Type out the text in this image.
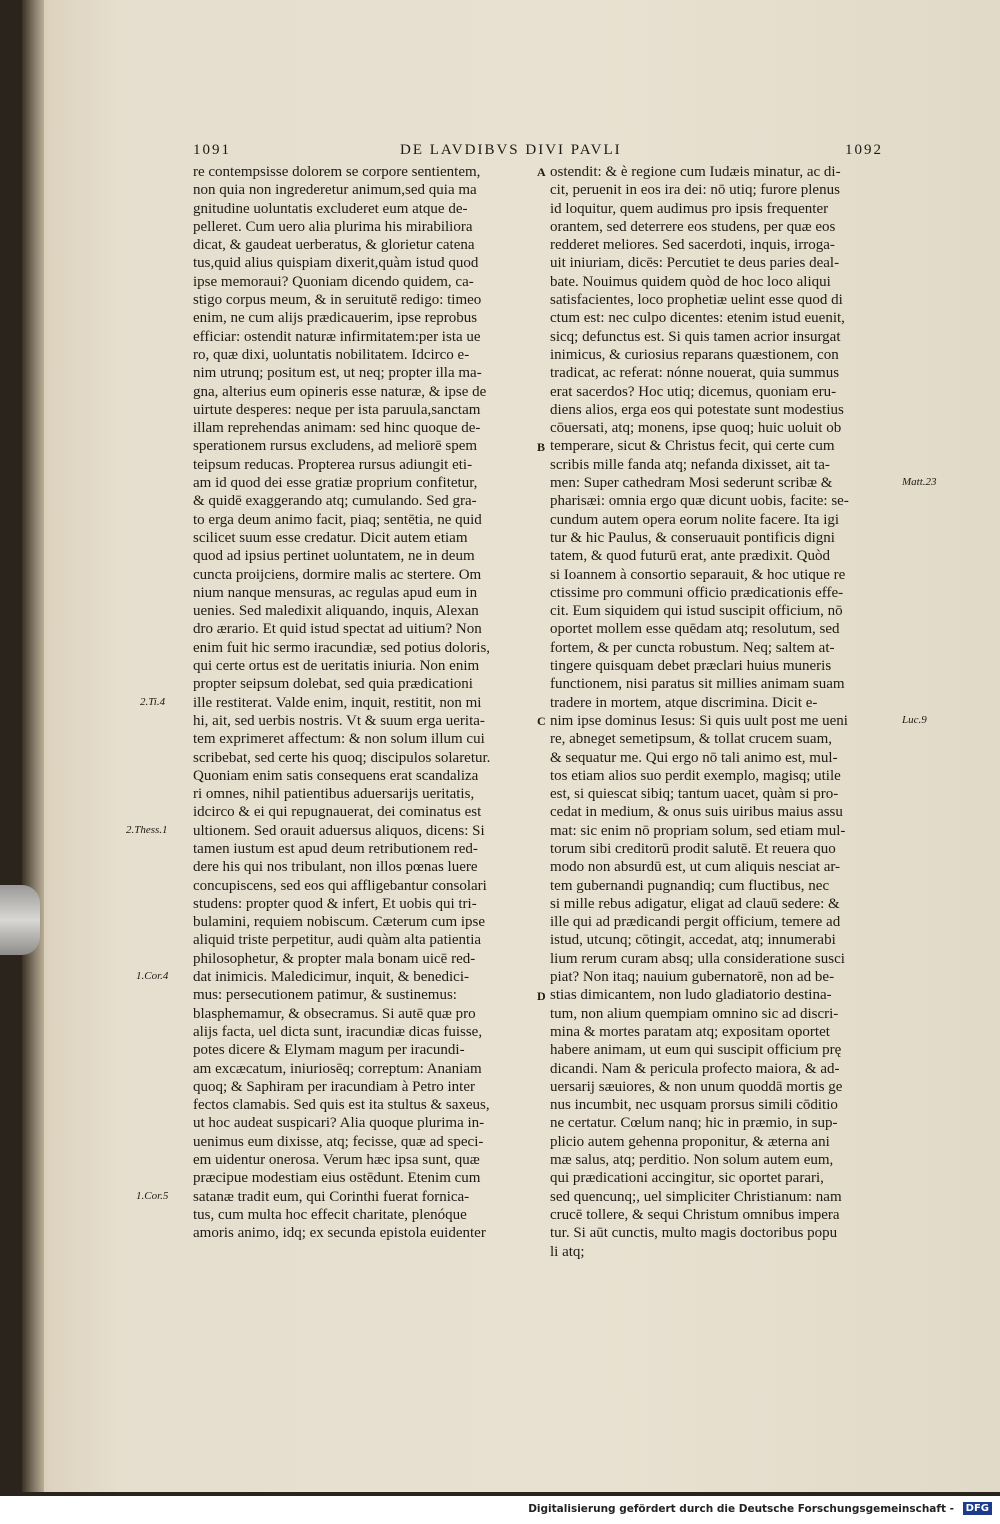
1091	DE LAVDIBVS DIVI PAVLI	1092
re contempsisse dolorem se corpore sentientem,
non quia non ingrederetur animum,sed quia ma
gnitudine uoluntatis excluderet eum atque de-
pelleret. Cum uero alia plurima his mirabiliora
dicat, & gaudeat uerberatus, & glorietur catena
tus,quid alius quispiam dixerit,quàm istud quod
ipse memoraui? Quoniam dicendo quidem, ca-
stigo corpus meum, & in seruitutē redigo: timeo
enim, ne cum alijs prædicauerim, ipse reprobus
efficiar: ostendit naturæ infirmitatem:per ista ue
ro, quæ dixi, uoluntatis nobilitatem. Idcirco e-
nim utrunq; positum est, ut neq; propter illa ma-
gna, alterius eum opineris esse naturæ, & ipse de
uirtute desperes: neque per ista paruula,sanctam
illam reprehendas animam: sed hinc quoque de-
sperationem rursus excludens, ad meliorē spem
teipsum reducas. Propterea rursus adiungit eti-
am id quod dei esse gratiæ proprium confitetur,
& quidē exaggerando atq; cumulando. Sed gra-
to erga deum animo facit, piaq; sentētia, ne quid
scilicet suum esse credatur. Dicit autem etiam
quod ad ipsius pertinet uoluntatem, ne in deum
cuncta proijciens, dormire malis ac stertere. Om
nium nanque mensuras, ac regulas apud eum in
uenies. Sed maledixit aliquando, inquis, Alexan
dro ærario. Et quid istud spectat ad uitium? Non
enim fuit hic sermo iracundiæ, sed potius doloris,
qui certe ortus est de ueritatis iniuria. Non enim
propter seipsum dolebat, sed quia prædicationi
ille restiterat. Valde enim, inquit, restitit, non mi
hi, ait, sed uerbis nostris. Vt & suum erga uerita-
tem exprimeret affectum: & non solum illum cui
scribebat, sed certe his quoq; discipulos solaretur.
Quoniam enim satis consequens erat scandaliza
ri omnes, nihil patientibus aduersarijs ueritatis,
idcirco & ei qui repugnauerat, dei cominatus est
ultionem. Sed orauit aduersus aliquos, dicens: Si
tamen iustum est apud deum retributionem red-
dere his qui nos tribulant, non illos pœnas luere
concupiscens, sed eos qui affligebantur consolari
studens: propter quod & infert, Et uobis qui tri-
bulamini, requiem nobiscum. Cæterum cum ipse
aliquid triste perpetitur, audi quàm alta patientia
philosophetur, & propter mala bonam uicē red-
dat inimicis. Maledicimur, inquit, & benedici-
mus: persecutionem patimur, & sustinemus:
blasphemamur, & obsecramus. Si autē quæ pro
alijs facta, uel dicta sunt, iracundiæ dicas fuisse,
potes dicere & Elymam magum per iracundi-
am excæcatum, iniuriosēq; correptum: Ananiam
quoq; & Saphiram per iracundiam à Petro inter
fectos clamabis. Sed quis est ita stultus & saxeus,
ut hoc audeat suspicari? Alia quoque plurima in-
uenimus eum dixisse, atq; fecisse, quæ ad speci-
em uidentur onerosa. Verum hæc ipsa sunt, quæ
præcipue modestiam eius ostēdunt. Etenim cum
satanæ tradit eum, qui Corinthi fuerat fornica-
tus, cum multa hoc effecit charitate, plenóque
amoris animo, idq; ex secunda epistola euidenter
ostendit: & è regione cum Iudæis minatur, ac di-
cit, peruenit in eos ira dei: nō utiq; furore plenus
id loquitur, quem audimus pro ipsis frequenter
orantem, sed deterrere eos studens, per quæ eos
redderet meliores. Sed sacerdoti, inquis, irroga-
uit iniuriam, dicēs: Percutiet te deus paries deal-
bate. Nouimus quidem quòd de hoc loco aliqui
satisfacientes, loco prophetiæ uelint esse quod di
ctum est: nec culpo dicentes: etenim istud euenit,
sicq; defunctus est. Si quis tamen acrior insurgat
inimicus, & curiosius reparans quæstionem, con
tradicat, ac referat: nónne nouerat, quia summus
erat sacerdos? Hoc utiq; dicemus, quoniam eru-
diens alios, erga eos qui potestate sunt modestius
cōuersati, atq; monens, ipse quoq; huic uoluit ob
temperare, sicut & Christus fecit, qui certe cum
scribis mille fanda atq; nefanda dixisset, ait ta-
men: Super cathedram Mosi sederunt scribæ &
pharisæi: omnia ergo quæ dicunt uobis, facite: se-
cundum autem opera eorum nolite facere. Ita igi
tur & hic Paulus, & conseruauit pontificis digni
tatem, & quod futurū erat, ante prædixit. Quòd
si Ioannem à consortio separauit, & hoc utique re
ctissime pro communi officio prædicationis effe-
cit. Eum siquidem qui istud suscipit officium, nō
oportet mollem esse quēdam atq; resolutum, sed
fortem, & per cuncta robustum. Neq; saltem at-
tingere quisquam debet præclari huius muneris
functionem, nisi paratus sit millies animam suam
tradere in mortem, atque discrimina. Dicit e-
nim ipse dominus Iesus: Si quis uult post me ueni
re, abneget semetipsum, & tollat crucem suam,
& sequatur me. Qui ergo nō tali animo est, mul-
tos etiam alios suo perdit exemplo, magisq; utile
est, si quiescat sibiq; tantum uacet, quàm si pro-
cedat in medium, & onus suis uiribus maius assu
mat: sic enim nō propriam solum, sed etiam mul-
torum sibi creditorū prodit salutē. Et reuera quo
modo non absurdū est, ut cum aliquis nesciat ar-
tem gubernandi pugnandiq; cum fluctibus, nec
si mille rebus adigatur, eligat ad clauū sedere: &
ille qui ad prædicandi pergit officium, temere ad
istud, utcunq; cōtingit, accedat, atq; innumerabi
lium rerum curam absq; ulla consideratione susci
piat? Non itaq; nauium gubernatorē, non ad be-
stias dimicantem, non ludo gladiatorio destina-
tum, non alium quempiam omnino sic ad discri-
mina & mortes paratam atq; expositam oportet
habere animam, ut eum qui suscipit officium prę
dicandi. Nam & pericula profecto maiora, & ad-
uersarij sæuiores, & non unum quoddā mortis ge
nus incumbit, nec usquam prorsus simili cōditio
ne certatur. Cœlum nanq; hic in præmio, in sup-
plicio autem gehenna proponitur, & æterna ani
mæ salus, atq; perditio. Non solum autem eum,
qui prædicationi accingitur, sic oportet parari,
sed quencunq;, uel simpliciter Christianum: nam
crucē tollere, & sequi Christum omnibus impera
tur. Si aūt cunctis, multo magis doctoribus popu
li atq;
A
B
C
D
Matt.23
Luc.9
2.Ti.4
2.Thess.1
1.Cor.4
1.Cor.5
Digitalisierung gefördert durch die Deutsche Forschungsgemeinschaft -	DFG
